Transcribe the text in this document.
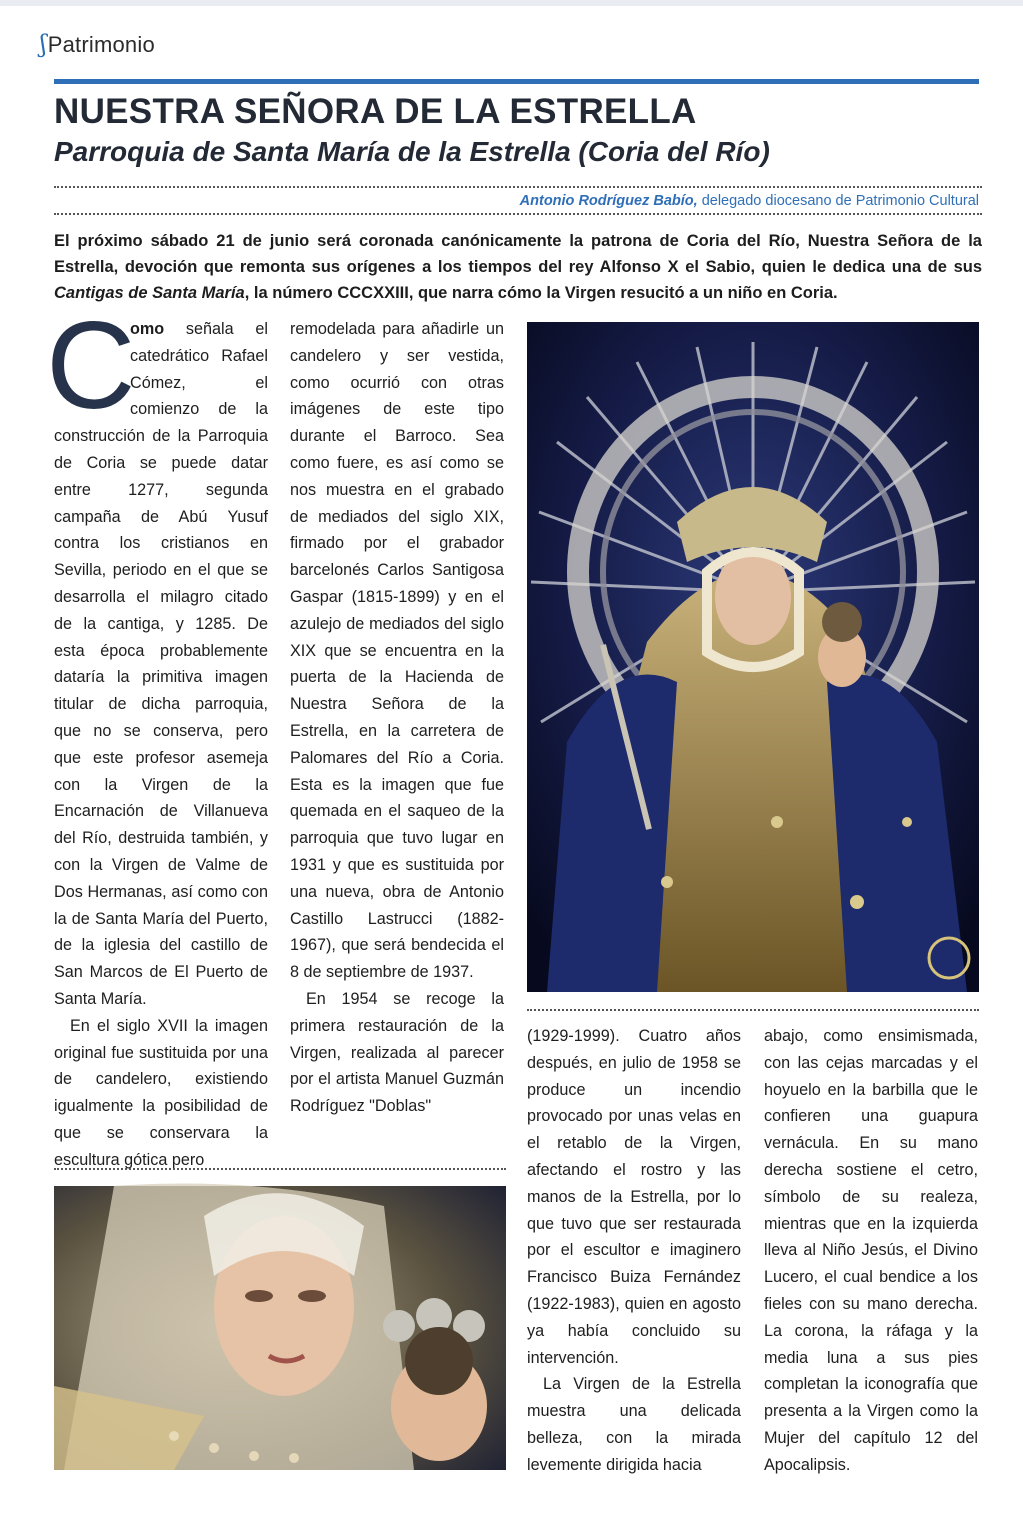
ʃPatrimonio
NUESTRA SEÑORA DE LA ESTRELLA
Parroquia de Santa María de la Estrella (Coria del Río)
Antonio Rodríguez Babío, delegado diocesano de Patrimonio Cultural

El próximo sábado 21 de junio será coronada canónicamente la patrona de Coria del Río, Nuestra Señora de la Estrella, devoción que remonta sus orígenes a los tiempos del rey Alfonso X el Sabio, quien le dedica una de sus Cantigas de Santa María, la número CCCXXIII, que narra cómo la Virgen resucitó a un niño en Coria.

C
omo señala el catedrático Rafael Cómez, el comienzo de la construcción de la Parroquia de Coria se puede datar entre 1277, segunda campaña de Abú Yusuf contra los cristianos en Sevilla, periodo en el que se desarrolla el milagro citado de la cantiga, y 1285. De esta época probablemente dataría la primitiva imagen titular de dicha parroquia, que no se conserva, pero que este profesor asemeja con la Virgen de la Encarnación de Villanueva del Río, destruida también, y con la Virgen de Valme de Dos Hermanas, así como con la de Santa María del Puerto, de la iglesia del castillo de San Marcos de El Puerto de Santa María.

En el siglo XVII la imagen original fue sustituida por una de candelero, existiendo igualmente la posibilidad de que se conservara la escultura gótica pero

remodelada para añadirle un candelero y ser vestida, como ocurrió con otras imágenes de este tipo durante el Barroco. Sea como fuere, es así como se nos muestra en el grabado de mediados del siglo XIX, firmado por el grabador barcelonés Carlos Santigosa Gaspar (1815-1899) y en el azulejo de mediados del siglo XIX que se encuentra en la puerta de la Hacienda de Nuestra Señora de la Estrella, en la carretera de Palomares del Río a Coria. Esta es la imagen que fue quemada en el saqueo de la parroquia que tuvo lugar en 1931 y que es sustituida por una nueva, obra de Antonio Castillo Lastrucci (1882-1967), que será bendecida el 8 de septiembre de 1937.

En 1954 se recoge la primera restauración de la Virgen, realizada al parecer por el artista Manuel Guzmán Rodríguez "Doblas"

(1929-1999). Cuatro años después, en julio de 1958 se produce un incendio provocado por unas velas en el retablo de la Virgen, afectando el rostro y las manos de la Estrella, por lo que tuvo que ser restaurada por el escultor e imaginero Francisco Buiza Fernández (1922-1983), quien en agosto ya había concluido su intervención.

La Virgen de la Estrella muestra una delicada belleza, con la mirada levemente dirigida hacia

abajo, como ensimismada, con las cejas marcadas y el hoyuelo en la barbilla que le confieren una guapura vernácula. En su mano derecha sostiene el cetro, símbolo de su realeza, mientras que en la izquierda lleva al Niño Jesús, el Divino Lucero, el cual bendice a los fieles con su mano derecha. La corona, la ráfaga y la media luna a sus pies completan la iconografía que presenta a la Virgen como la Mujer del capítulo 12 del Apocalipsis.
